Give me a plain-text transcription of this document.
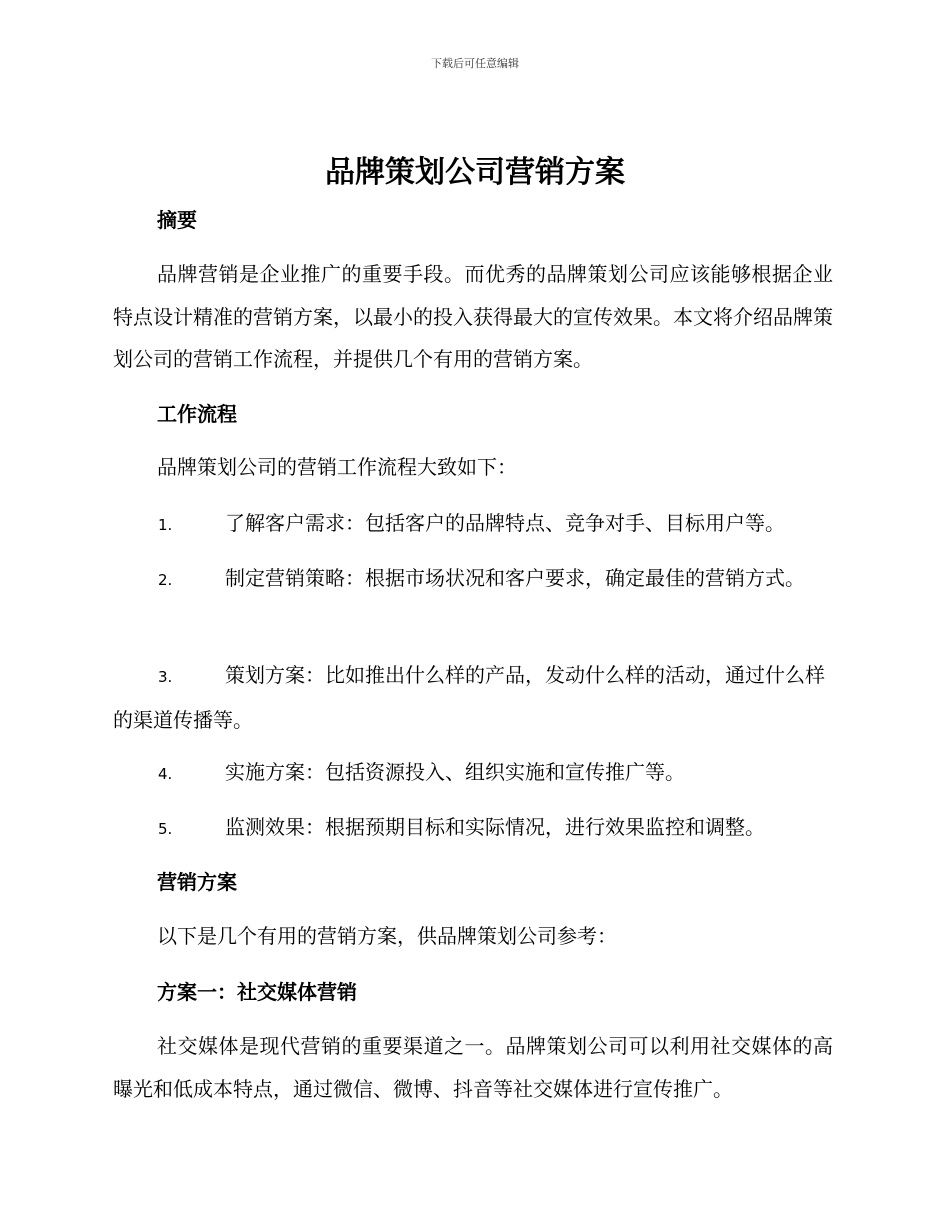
下载后可任意编辑
品牌策划公司营销方案
摘要

品牌营销是企业推广的重要手段。而优秀的品牌策划公司应该能够根据企业特点设计精准的营销方案，以最小的投入获得最大的宣传效果。本文将介绍品牌策划公司的营销工作流程，并提供几个有用的营销方案。

工作流程

品牌策划公司的营销工作流程大致如下：

1.	了解客户需求：包括客户的品牌特点、竞争对手、目标用户等。

2.	制定营销策略：根据市场状况和客户要求，确定最佳的营销方式。

3.	策划方案：比如推出什么样的产品，发动什么样的活动，通过什么样的渠道传播等。

4.	实施方案：包括资源投入、组织实施和宣传推广等。

5.	监测效果：根据预期目标和实际情况，进行效果监控和调整。

营销方案

以下是几个有用的营销方案，供品牌策划公司参考：

方案一：社交媒体营销

社交媒体是现代营销的重要渠道之一。品牌策划公司可以利用社交媒体的高曝光和低成本特点，通过微信、微博、抖音等社交媒体进行宣传推广。
